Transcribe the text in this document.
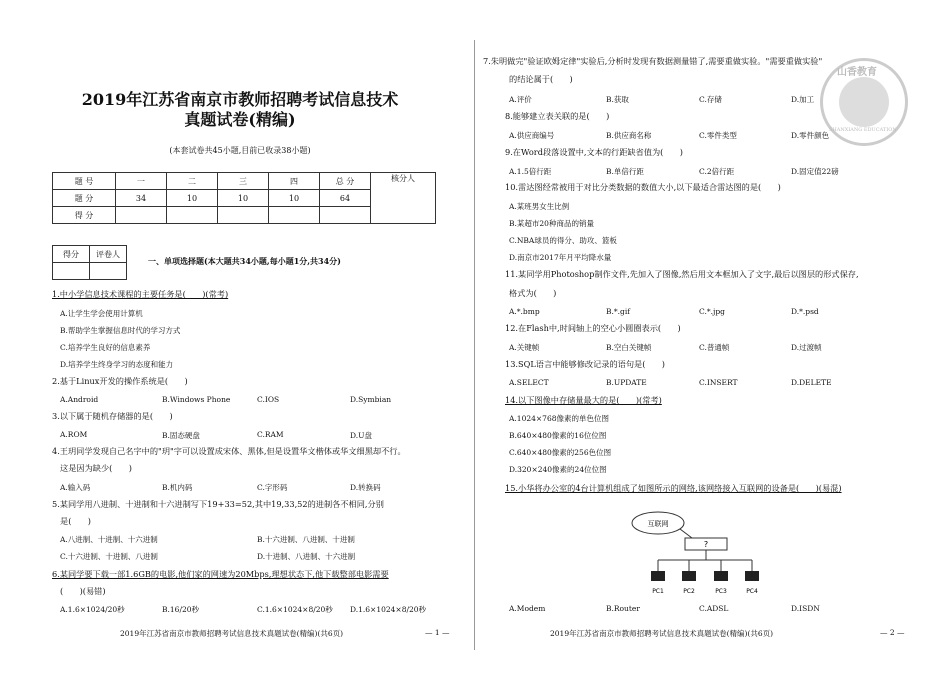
2019年江苏省南京市教师招聘考试信息技术
真题试卷(精编)
(本套试卷共45小题,目前已收录38小题)
题 号	一	二	三	四	总 分	核分人
题 分	34	10	10	10	64	
得 分						
得分	评卷人

一、单项选择题(本大题共34小题,每小题1分,共34分)
1.中小学信息技术课程的主要任务是(　　)(常考)
A.让学生学会使用计算机
B.帮助学生掌握信息时代的学习方式
C.培养学生良好的信息素养
D.培养学生终身学习的态度和能力
2.基于Linux开发的操作系统是(　　)
A.Android	B.Windows Phone	C.IOS	D.Symbian
3.以下属于随机存储器的是(　　)
A.ROM	B.固态硬盘	C.RAM	D.U盘
4.王玥同学发现自己名字中的"玥"字可以设置成宋体、黑体,但是设置华文楷体或华文细黑却不行。
这是因为缺少(　　)
A.输入码	B.机内码	C.字形码	D.转换码
5.某同学用八进制、十进制和十六进制写下19+33=52,其中19,33,52的进制各不相同,分别
是(　　)
A.八进制、十进制、十六进制	B.十六进制、八进制、十进制
C.十六进制、十进制、八进制	D.十进制、八进制、十六进制
6.某同学要下载一部1.6GB的电影,他们家的网速为20Mbps,理想状态下,他下载整部电影需要
(　　)(易错)
A.1.6×1024/20秒	B.16/20秒	C.1.6×1024×8/20秒 D.1.6×1024×8/20秒
2019年江苏省南京市教师招聘考试信息技术真题试卷(精编)(共6页)	— 1 —
7.朱明做完"验证欧姆定律"实验后,分析时发现有数据测量错了,需要重做实验。"需要重做实验"
的结论属于(　　)
A.评价	B.获取	C.存储	D.加工
8.能够建立表关联的是(　　)
A.供应商编号	B.供应商名称	C.零件类型	D.零件颜色
9.在Word段落设置中,文本的行距缺省值为(　　)
A.1.5倍行距	B.单倍行距	C.2倍行距	D.固定值22磅
10.雷达图经常被用于对比分类数据的数值大小,以下最适合雷达图的是(　　)
A.某班男女生比例
B.某超市20种商品的销量
C.NBA球员的得分、助攻、篮板
D.南京市2017年月平均降水量
11.某同学用Photoshop制作文件,先加入了图像,然后用文本框加入了文字,最后以图层的形式保存,
格式为(　　)
A.*.bmp	B.*.gif	C.*.jpg	D.*.psd
12.在Flash中,时间轴上的空心小圆圈表示(　　)
A.关键帧	B.空白关键帧	C.普通帧	D.过渡帧
13.SQL语言中能够修改记录的语句是(　　)
A.SELECT	B.UPDATE	C.INSERT	D.DELETE
14.以下图像中存储量最大的是(　　)(常考)
A.1024×768像素的单色位图
B.640×480像素的16位位图
C.640×480像素的256色位图
D.320×240像素的24位位图
15.小华将办公室的4台计算机组成了如图所示的网络,该网络接入互联网的设备是(　　)(易混)
A.Modem	B.Router	C.ADSL	D.ISDN
2019年江苏省南京市教师招聘考试信息技术真题试卷(精编)(共6页)	— 2 —
互联网
?
PC1	PC2	PC3	PC4
山香教育
SHANXIANG EDUCATION
